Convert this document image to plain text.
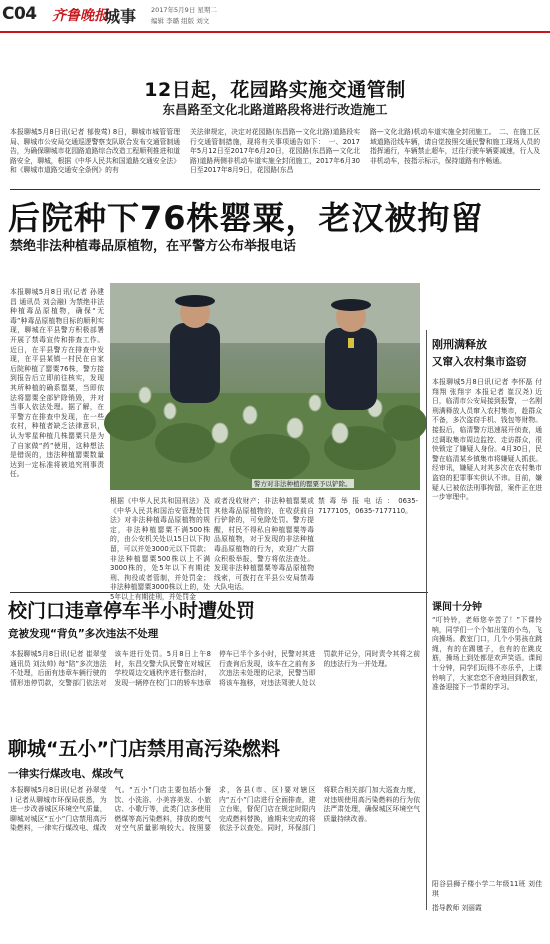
C04 齐鲁晚报
城事 2017年5月9日 星期二
编辑 李璐 组版 刘文
12日起，花园路实施交通管制
东昌路至文化北路道路段将进行改造施工
本报聊城5月8日讯(记者 郁俊莺) 8日，聊城市城管管理局、聊城市公安局交通巡逻警察支队联合发布交通管制通告，为确保聊城市花园路道路综合改造工程顺利推进和道路安全，聊城，根据《中华人民共和国道路交通安全法》和《聊城市道路交通安全条例》的有
关法律规定，决定对花园路(东昌路—文化北路)道路段实行交通管制措施，现将有关事项通告如下：　一、2017年5月12日至2017年6月20日，花园路(东昌路—文化北路)道路两侧非机动车道实施全封闭施工，2017年6月30日至2017年8月9日，花园路(东昌
路—文化北路)机动车道实施全封闭施工。　二、在施工区域道路沿线车辆，请自觉按照交通民警和施工现场人员的指挥通行，车辆禁止超车，过往行驶车辆要减速，行人及非机动车，按指示标示，保持道路有序畅通。
后院种下76株罂粟，老汉被拘留
禁绝非法种植毒品原植物，在平警方公布举报电话
本报聊城5月8日讯(记者 孙建昌 通讯员 刘会融) 为禁绝非法种植毒品原植物，确保“无毒”种毒品原植物目标的顺利实现，聊城在平县警方积极部署开展了禁毒宣传和排查工作。近日，在平县警方在排查中发现，在平县某镇一村民在自家后院种植了罂粟76株，警方接到报告后立即前往核实，发现其所种植的确系罂粟，当即依法将罂粟全部铲除销毁，并对当事人依法处理。据了解，在平警方在排查中发现，在一些农村，种植者缺乏法律意识，认为零星种植几株罂粟只是为了自家做“药”使用，这种想法是错误的，违法种植罂粟数量达到一定标准将被追究刑事责任。
警方对非法种植的罂粟予以铲除。
刚刑满释放
又窜入农村集市盗窃
本报聊城5月8日讯(记者 李怀磊 付翔翔 张翔宇 本报记者 崔汉尧) 近日，临清市公安局接到报警，一名刚刑满释放人员窜入农村集市，趁群众不备，多次盗窃手机、钱包等财物。接报后，临清警方迅速展开侦查，通过调取集市周边监控、走访群众，很快锁定了嫌疑人身份。4月30日，民警在临清某乡镇集市将嫌疑人抓获。经审讯，嫌疑人对其多次在农村集市盗窃的犯罪事实供认不讳。目前，嫌疑人已被依法刑事拘留，案件正在进一步审理中。
根据《中华人民共和国刑法》及《中华人民共和国治安管理处罚法》对非法种植毒品原植物的规定，非法种植罂粟不满500株的，由公安机关处以15日以下拘留，可以并处3000元以下罚款；非法种植罂粟500株以上不满3000株的，处5年以下有期徒刑、拘役或者管制，并处罚金；非法种植罂粟3000株以上的，处5年以上有期徒刑，并处罚金
或者没收财产；非法种植罂粟或其他毒品原植物的，在收获前自行铲除的，可免除处罚。警方提醒，村民不得私自种植罂粟等毒品原植物，对于发现的非法种植毒品原植物的行为，欢迎广大群众积极举报，警方将依法查处。发现非法种植罂粟等毒品原植物线索，可拨打在平县公安局禁毒大队电话。
禁毒举报电话：0635-7177105，0635-7177110。
校门口违章停车半小时遭处罚
竞被发现“背负”多次违法不处理
本报聊城5月8日讯(记者 崔翠莹 通讯员 刘汰帅) 每“陪”多次违法不处理，后面有违章车辆行驶的情形违停罚款，交警部门依法对该车进行处罚。5月8日上午8时，东昌交警大队民警在对城区学校周边交通秩序进行整治时，发现一辆停在校门口的轿车违章停车已半个多小时，民警对其进行查询后发现，该车在之前有多次违法未处理的记录，民警当即将该车拖移，对违法驾驶人处以罚款并记分，同时责令其将之前的违法行为一并处理。
课间十分钟
“叮铃铃，老师您辛苦了！”下课铃响，同学们一个个如出笼的小鸟，飞向操场。教室门口，几个小男孩在跳绳，有的在踢毽子，也有的在跳皮筋，操场上到处都是欢声笑语。课间十分钟，同学们玩得不亦乐乎，上课铃响了，大家恋恋不舍地回到教室，准备迎接下一节课的学习。
阳谷县狮子楼小学二年级11班 刘佳琪
指导教师 刘丽霞
聊城“五小”门店禁用高污染燃料
一律实行煤改电、煤改气
本报聊城5月8日讯(记者 孙翠莹 ) 记者从聊城市环保局获悉，为进一步改善城区环境空气质量，聊城对城区“五小”门店禁用高污染燃料，一律实行煤改电、煤改气。“五小”门店主要包括小餐饮、小洗浴、小美容美发、小旅店、小歌厅等，此类门店多使用燃煤等高污染燃料，排放的废气对空气质量影响较大。按照要求，各县(市、区)要对辖区内“五小”门店进行全面排查，建立台账，督促门店在规定时限内完成燃料替换，逾期未完成的将依法予以查处。同时，环保部门将联合相关部门加大巡查力度，对违规使用高污染燃料的行为依法严肃处理，确保城区环境空气质量持续改善。
